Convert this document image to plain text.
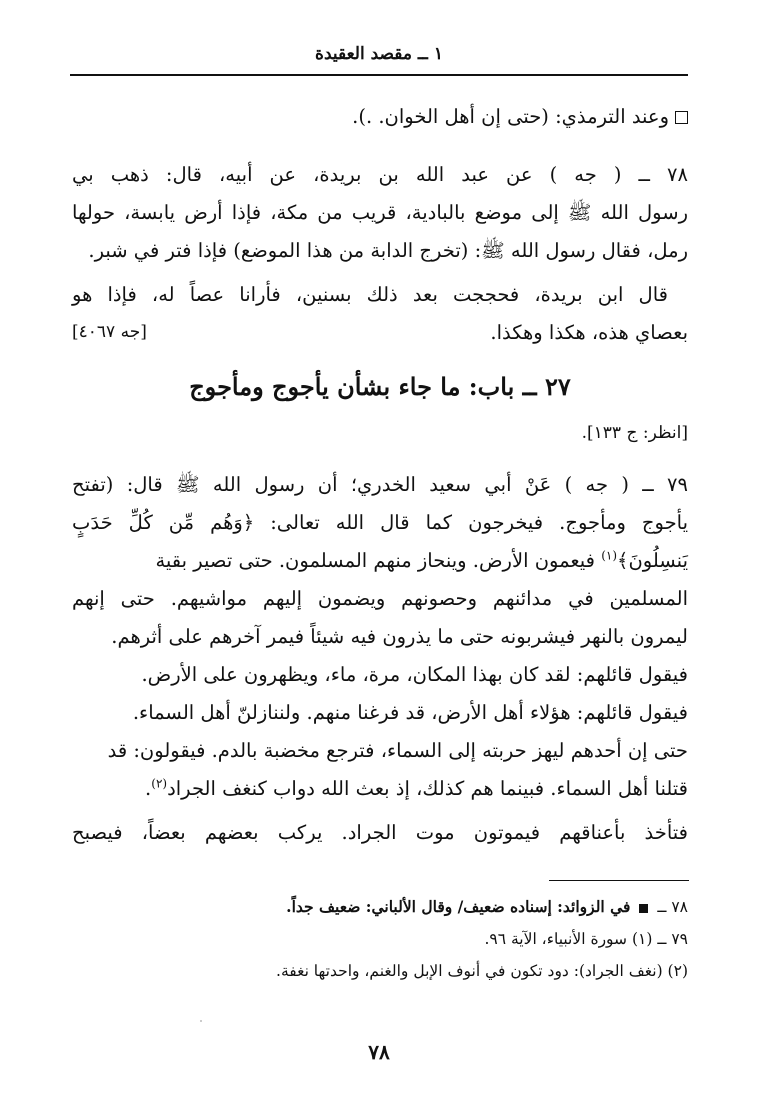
١ ــ مقصد العقيدة
وعند الترمذي: (حتى إن أهل الخوان. .).
٧٨ ــ ( جه ) عن عبد الله بن بريدة، عن أبيه، قال: ذهب بي
رسول الله ﷺ إلى موضع بالبادية، قريب من مكة، فإذا أرض يابسة، حولها
رمل، فقال رسول الله ﷺ: (تخرج الدابة من هذا الموضع) فإذا فتر في شبر.
قال ابن بريدة، فحججت بعد ذلك بسنين، فأرانا عصاً له، فإذا هو
بعصاي هذه، هكذا وهكذا.
[جه ٤٠٦٧]
٢٧ ــ باب: ما جاء بشأن يأجوج ومأجوج
[انظر: ج ١٣٣].
٧٩ ــ ( جه ) عَنْ أبي سعيد الخدري؛ أن رسول الله ﷺ قال: (تفتح
يأجوج ومأجوج. فيخرجون كما قال الله تعالى: ﴿وَهُم مِّن كُلِّ حَدَبٍ
يَنسِلُونَ﴾$^{(١)}$ فيعمون الأرض. وينحاز منهم المسلمون. حتى تصير بقية
المسلمين في مدائنهم وحصونهم ويضمون إليهم مواشيهم. حتى إنهم
ليمرون بالنهر فيشربونه حتى ما يذرون فيه شيئاً فيمر آخرهم على أثرهم.
فيقول قائلهم: لقد كان بهذا المكان، مرة، ماء، ويظهرون على الأرض.
فيقول قائلهم: هؤلاء أهل الأرض، قد فرغنا منهم. ولننازلنّ أهل السماء.
حتى إن أحدهم ليهز حربته إلى السماء، فترجع مخضبة بالدم. فيقولون: قد
قتلنا أهل السماء. فبينما هم كذلك، إذ بعث الله دواب كنغف الجراد$^{(٢)}$.
فتأخذ بأعناقهم فيموتون موت الجراد. يركب بعضهم بعضاً، فيصبح
٧٨ ــ  في الزوائد: إسناده ضعيف/ وقال الألباني: ضعيف جداً.
٧٩ ــ (١) سورة الأنبياء، الآية ٩٦.
(٢) (نغف الجراد): دود تكون في أنوف الإبل والغنم، واحدتها نغفة.
٧٨
